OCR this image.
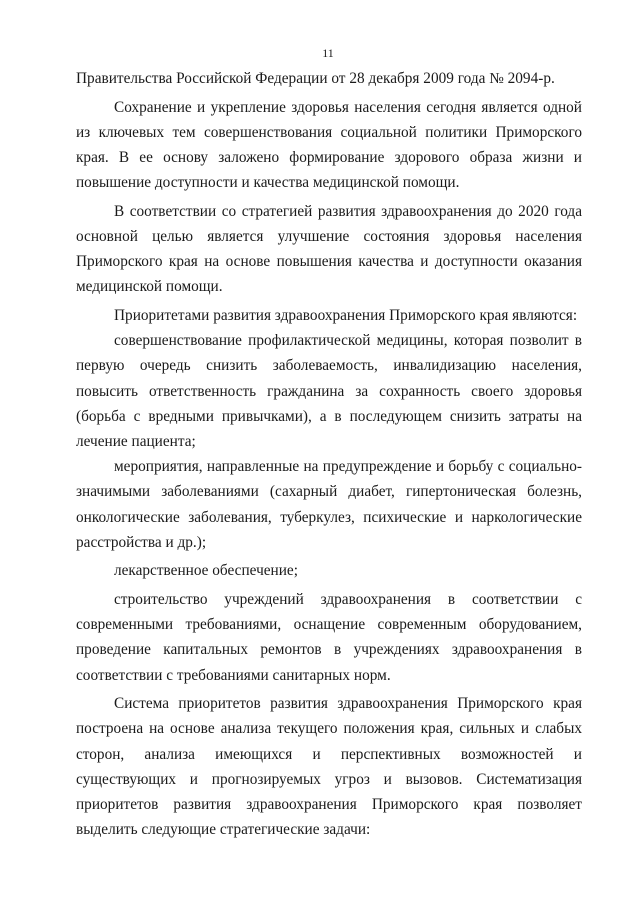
11

Правительства Российской Федерации от 28 декабря 2009 года № 2094-р.

Сохранение и укрепление здоровья населения сегодня является одной из ключевых тем совершенствования социальной политики Приморского края. В ее основу заложено формирование здорового образа жизни и повышение доступности и качества медицинской помощи.

В соответствии со стратегией развития здравоохранения до 2020 года основной целью является улучшение состояния здоровья населения Приморского края на основе повышения качества и доступности оказания медицинской помощи.

Приоритетами развития здравоохранения Приморского края являются:

совершенствование профилактической медицины, которая позволит в первую очередь снизить заболеваемость, инвалидизацию населения, повысить ответственность гражданина за сохранность своего здоровья (борьба с вредными привычками), а в последующем снизить затраты на лечение пациента;

мероприятия, направленные на предупреждение и борьбу с социально-значимыми заболеваниями (сахарный диабет, гипертоническая болезнь, онкологические заболевания, туберкулез, психические и наркологические расстройства и др.);

лекарственное обеспечение;

строительство учреждений здравоохранения в соответствии с современными требованиями, оснащение современным оборудованием, проведение капитальных ремонтов в учреждениях здравоохранения в соответствии с требованиями санитарных норм.

Система приоритетов развития здравоохранения Приморского края построена на основе анализа текущего положения края, сильных и слабых сторон, анализа имеющихся и перспективных возможностей и существующих и прогнозируемых угроз и вызовов. Систематизация приоритетов развития здравоохранения Приморского края позволяет выделить следующие стратегические задачи:
